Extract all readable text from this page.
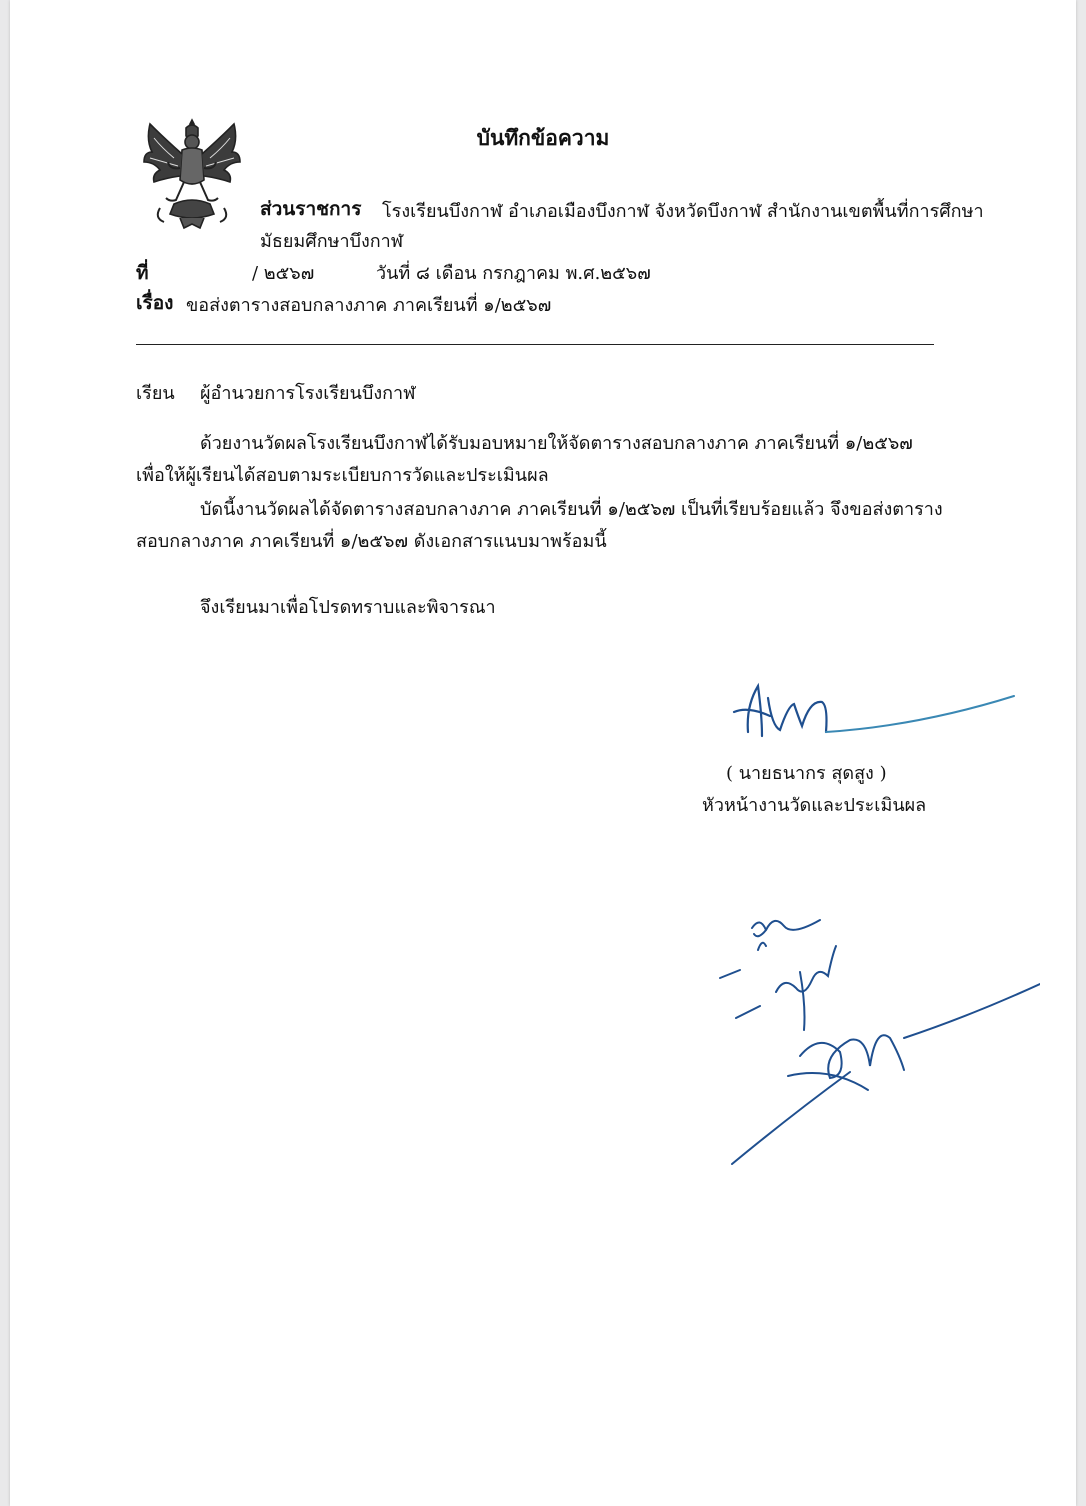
บันทึกข้อความ
ส่วนราชการ โรงเรียนบึงกาฬ อำเภอเมืองบึงกาฬ จังหวัดบึงกาฬ สำนักงานเขตพื้นที่การศึกษา
มัธยมศึกษาบึงกาฬ
ที่	/ ๒๕๖๗	วันที่ ๘ เดือน กรกฎาคม พ.ศ.๒๕๖๗
เรื่อง ขอส่งตารางสอบกลางภาค ภาคเรียนที่ ๑/๒๕๖๗
เรียน ผู้อำนวยการโรงเรียนบึงกาฬ
ด้วยงานวัดผลโรงเรียนบึงกาฬได้รับมอบหมายให้จัดตารางสอบกลางภาค ภาคเรียนที่ ๑/๒๕๖๗
เพื่อให้ผู้เรียนได้สอบตามระเบียบการวัดและประเมินผล
บัดนี้งานวัดผลได้จัดตารางสอบกลางภาค ภาคเรียนที่ ๑/๒๕๖๗ เป็นที่เรียบร้อยแล้ว จึงขอส่งตาราง
สอบกลางภาค ภาคเรียนที่ ๑/๒๕๖๗ ดังเอกสารแนบมาพร้อมนี้
จึงเรียนมาเพื่อโปรดทราบและพิจารณา
( นายธนากร สุดสูง )
หัวหน้างานวัดและประเมินผล
